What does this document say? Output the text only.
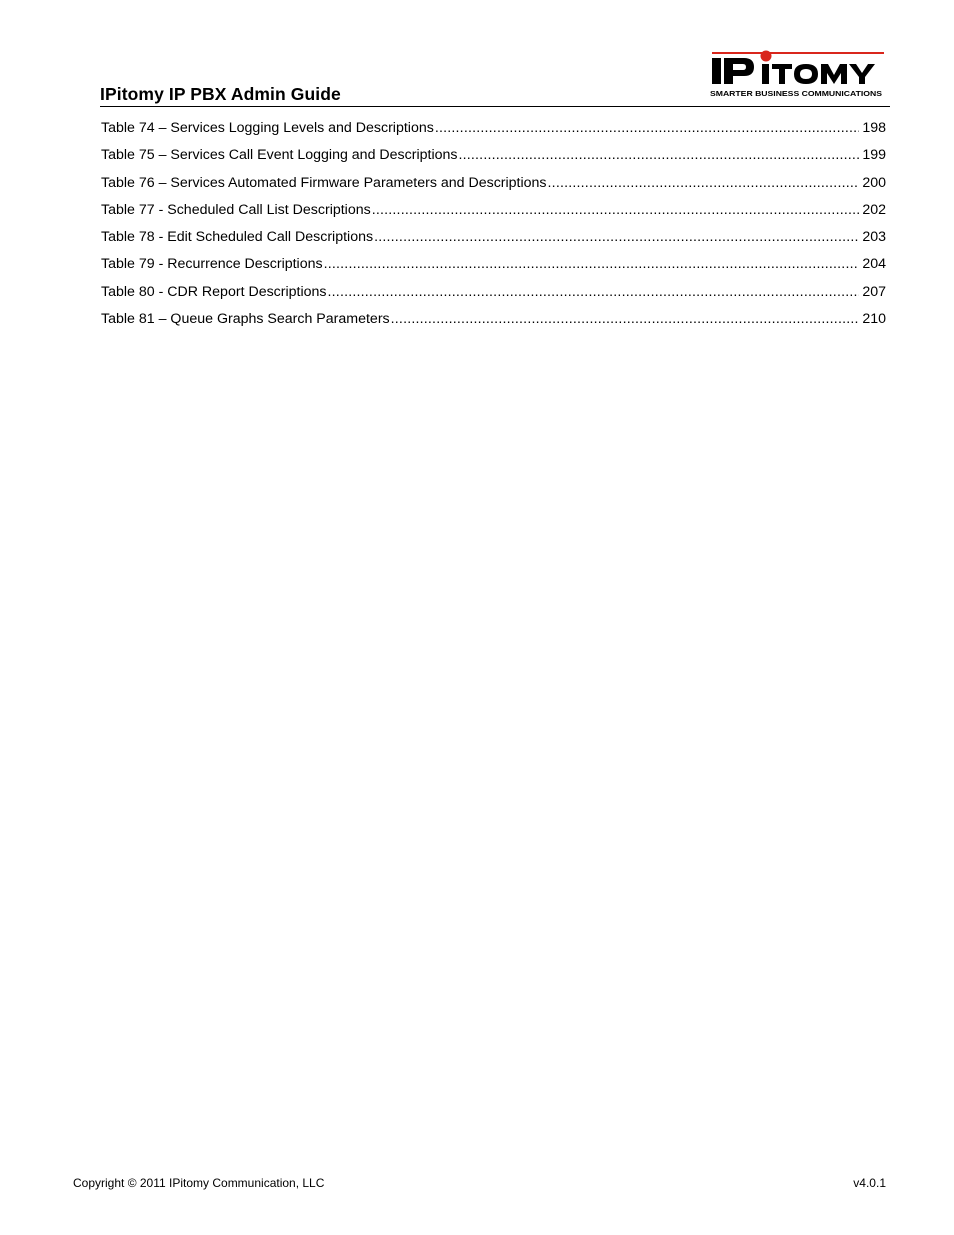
SMARTER BUSINESS COMMUNICATIONS
IPitomy IP PBX Admin Guide
Table 74 – Services Logging Levels and Descriptions .....	198
Table 75 – Services Call Event Logging and Descriptions .....	199
Table 76 – Services Automated Firmware Parameters and Descriptions .....	200
Table 77 - Scheduled Call List Descriptions .....	202
Table 78 - Edit Scheduled Call Descriptions .....	203
Table 79 - Recurrence Descriptions .....	204
Table 80 - CDR Report Descriptions .....	207
Table 81 – Queue Graphs Search Parameters .....	210
Copyright © 2011 IPitomy Communication, LLC	v4.0.1
